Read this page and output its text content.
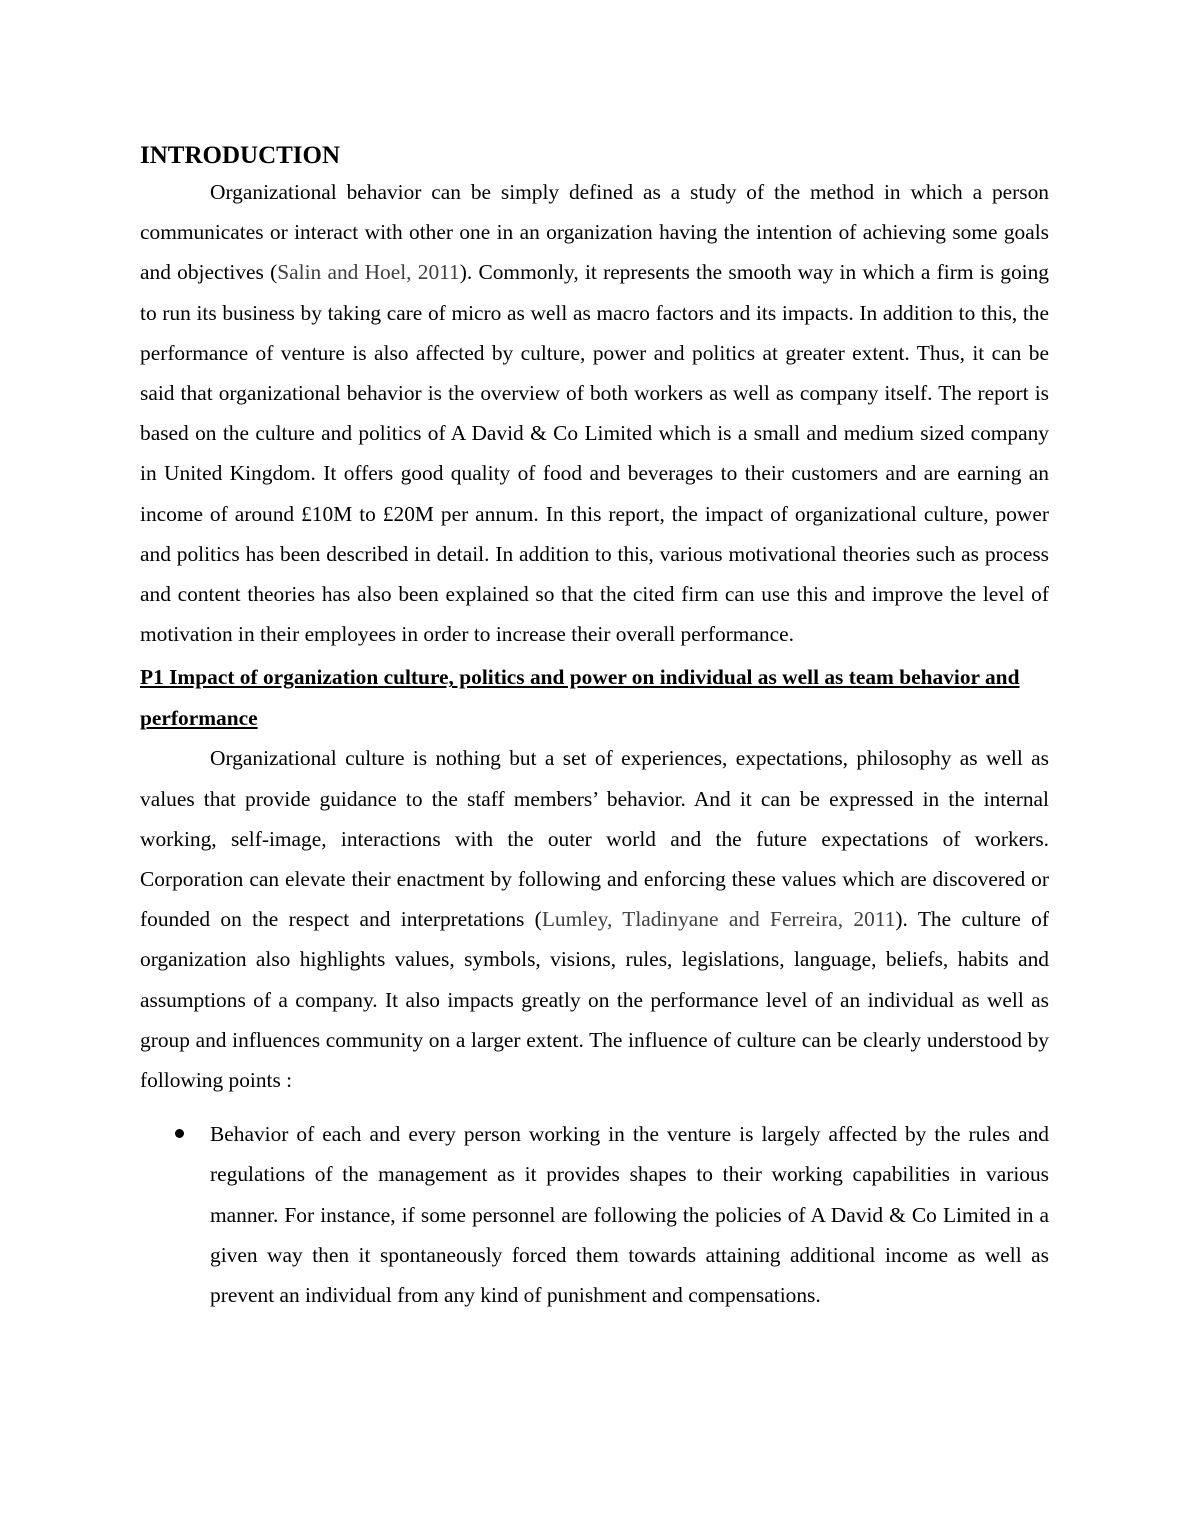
INTRODUCTION

Organizational behavior can be simply defined as a study of the method in which a person communicates or interact with other one in an organization having the intention of achieving some goals and objectives (Salin and Hoel, 2011). Commonly, it represents the smooth way in which a firm is going to run its business by taking care of micro as well as macro factors and its impacts. In addition to this, the performance of venture is also affected by culture, power and politics at greater extent. Thus, it can be said that organizational behavior is the overview of both workers as well as company itself. The report is based on the culture and politics of A David & Co Limited which is a small and medium sized company in United Kingdom. It offers good quality of food and beverages to their customers and are earning an income of around £10M to £20M per annum. In this report, the impact of organizational culture, power and politics has been described in detail. In addition to this, various motivational theories such as process and content theories has also been explained so that the cited firm can use this and improve the level of motivation in their employees in order to increase their overall performance.

P1 Impact of organization culture, politics and power on individual as well as team behavior and performance

Organizational culture is nothing but a set of experiences, expectations, philosophy as well as values that provide guidance to the staff members’ behavior. And it can be expressed in the internal working, self-image, interactions with the outer world and the future expectations of workers. Corporation can elevate their enactment by following and enforcing these values which are discovered or founded on the respect and interpretations (Lumley, Tladinyane and Ferreira, 2011). The culture of organization also highlights values, symbols, visions, rules, legislations, language, beliefs, habits and assumptions of a company. It also impacts greatly on the performance level of an individual as well as group and influences community on a larger extent. The influence of culture can be clearly understood by following points :

Behavior of each and every person working in the venture is largely affected by the rules and regulations of the management as it provides shapes to their working capabilities in various manner. For instance, if some personnel are following the policies of A David & Co Limited in a given way then it spontaneously forced them towards attaining additional income as well as prevent an individual from any kind of punishment and compensations.
